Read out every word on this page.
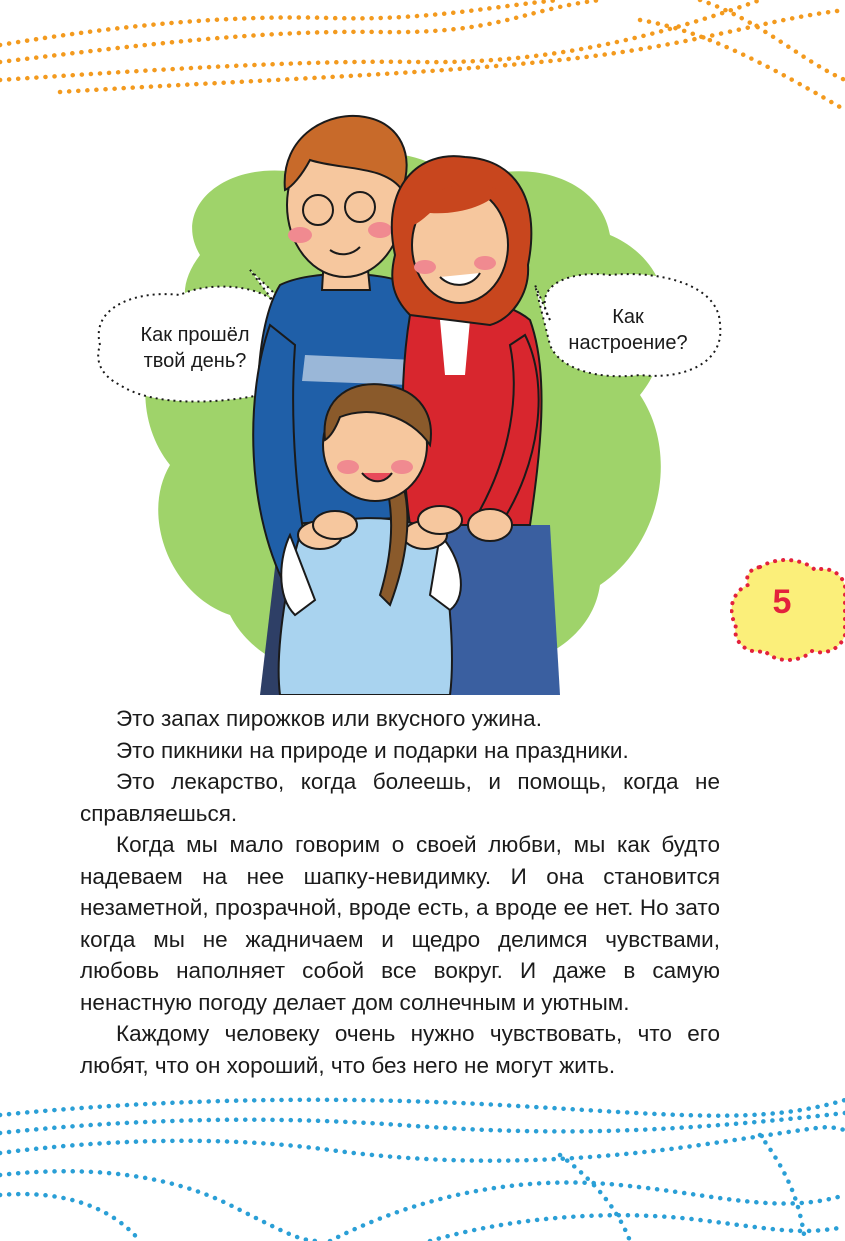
Как прошёл
твой день?
Как
настроение?
5

Это запах пирожков или вкусного ужина.

Это пикники на природе и подарки на праздники.

Это лекарство, когда болеешь, и помощь, когда не справляешься.

Когда мы мало говорим о своей любви, мы как будто надеваем на нее шапку-невидимку. И она становится незаметной, прозрачной, вроде есть, а вроде ее нет. Но зато когда мы не жадничаем и щедро делимся чувствами, любовь наполняет собой все вокруг. И даже в самую ненастную погоду делает дом солнечным и уютным.

Каждому человеку очень нужно чувствовать, что его любят, что он хороший, что без него не могут жить.
